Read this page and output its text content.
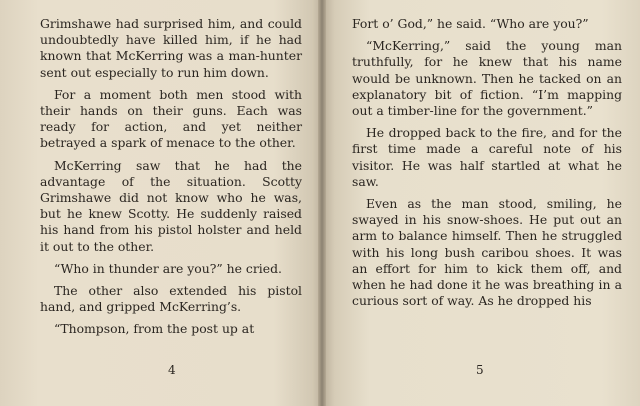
Grimshawe had surprised him, and could undoubtedly have killed him, if he had known that McKerring was a man-hunter sent out especially to run him down.

For a moment both men stood with their hands on their guns. Each was ready for action, and yet neither betrayed a spark of menace to the other.

McKerring saw that he had the advantage of the situation. Scotty Grimshawe did not know who he was, but he knew Scotty. He suddenly raised his hand from his pistol holster and held it out to the other.

“Who in thunder are you?” he cried.

The other also extended his pistol hand, and gripped McKerring’s.

“Thompson, from the post up at

4

Fort o’ God,” he said. “Who are you?”

“McKerring,” said the young man truthfully, for he knew that his name would be unknown. Then he tacked on an explanatory bit of fiction. “I’m mapping out a timber-line for the government.”

He dropped back to the fire, and for the first time made a careful note of his visitor. He was half startled at what he saw.

Even as the man stood, smiling, he swayed in his snow-shoes. He put out an arm to balance himself. Then he struggled with his long bush caribou shoes. It was an effort for him to kick them off, and when he had done it he was breathing in a curious sort of way. As he dropped his

5
